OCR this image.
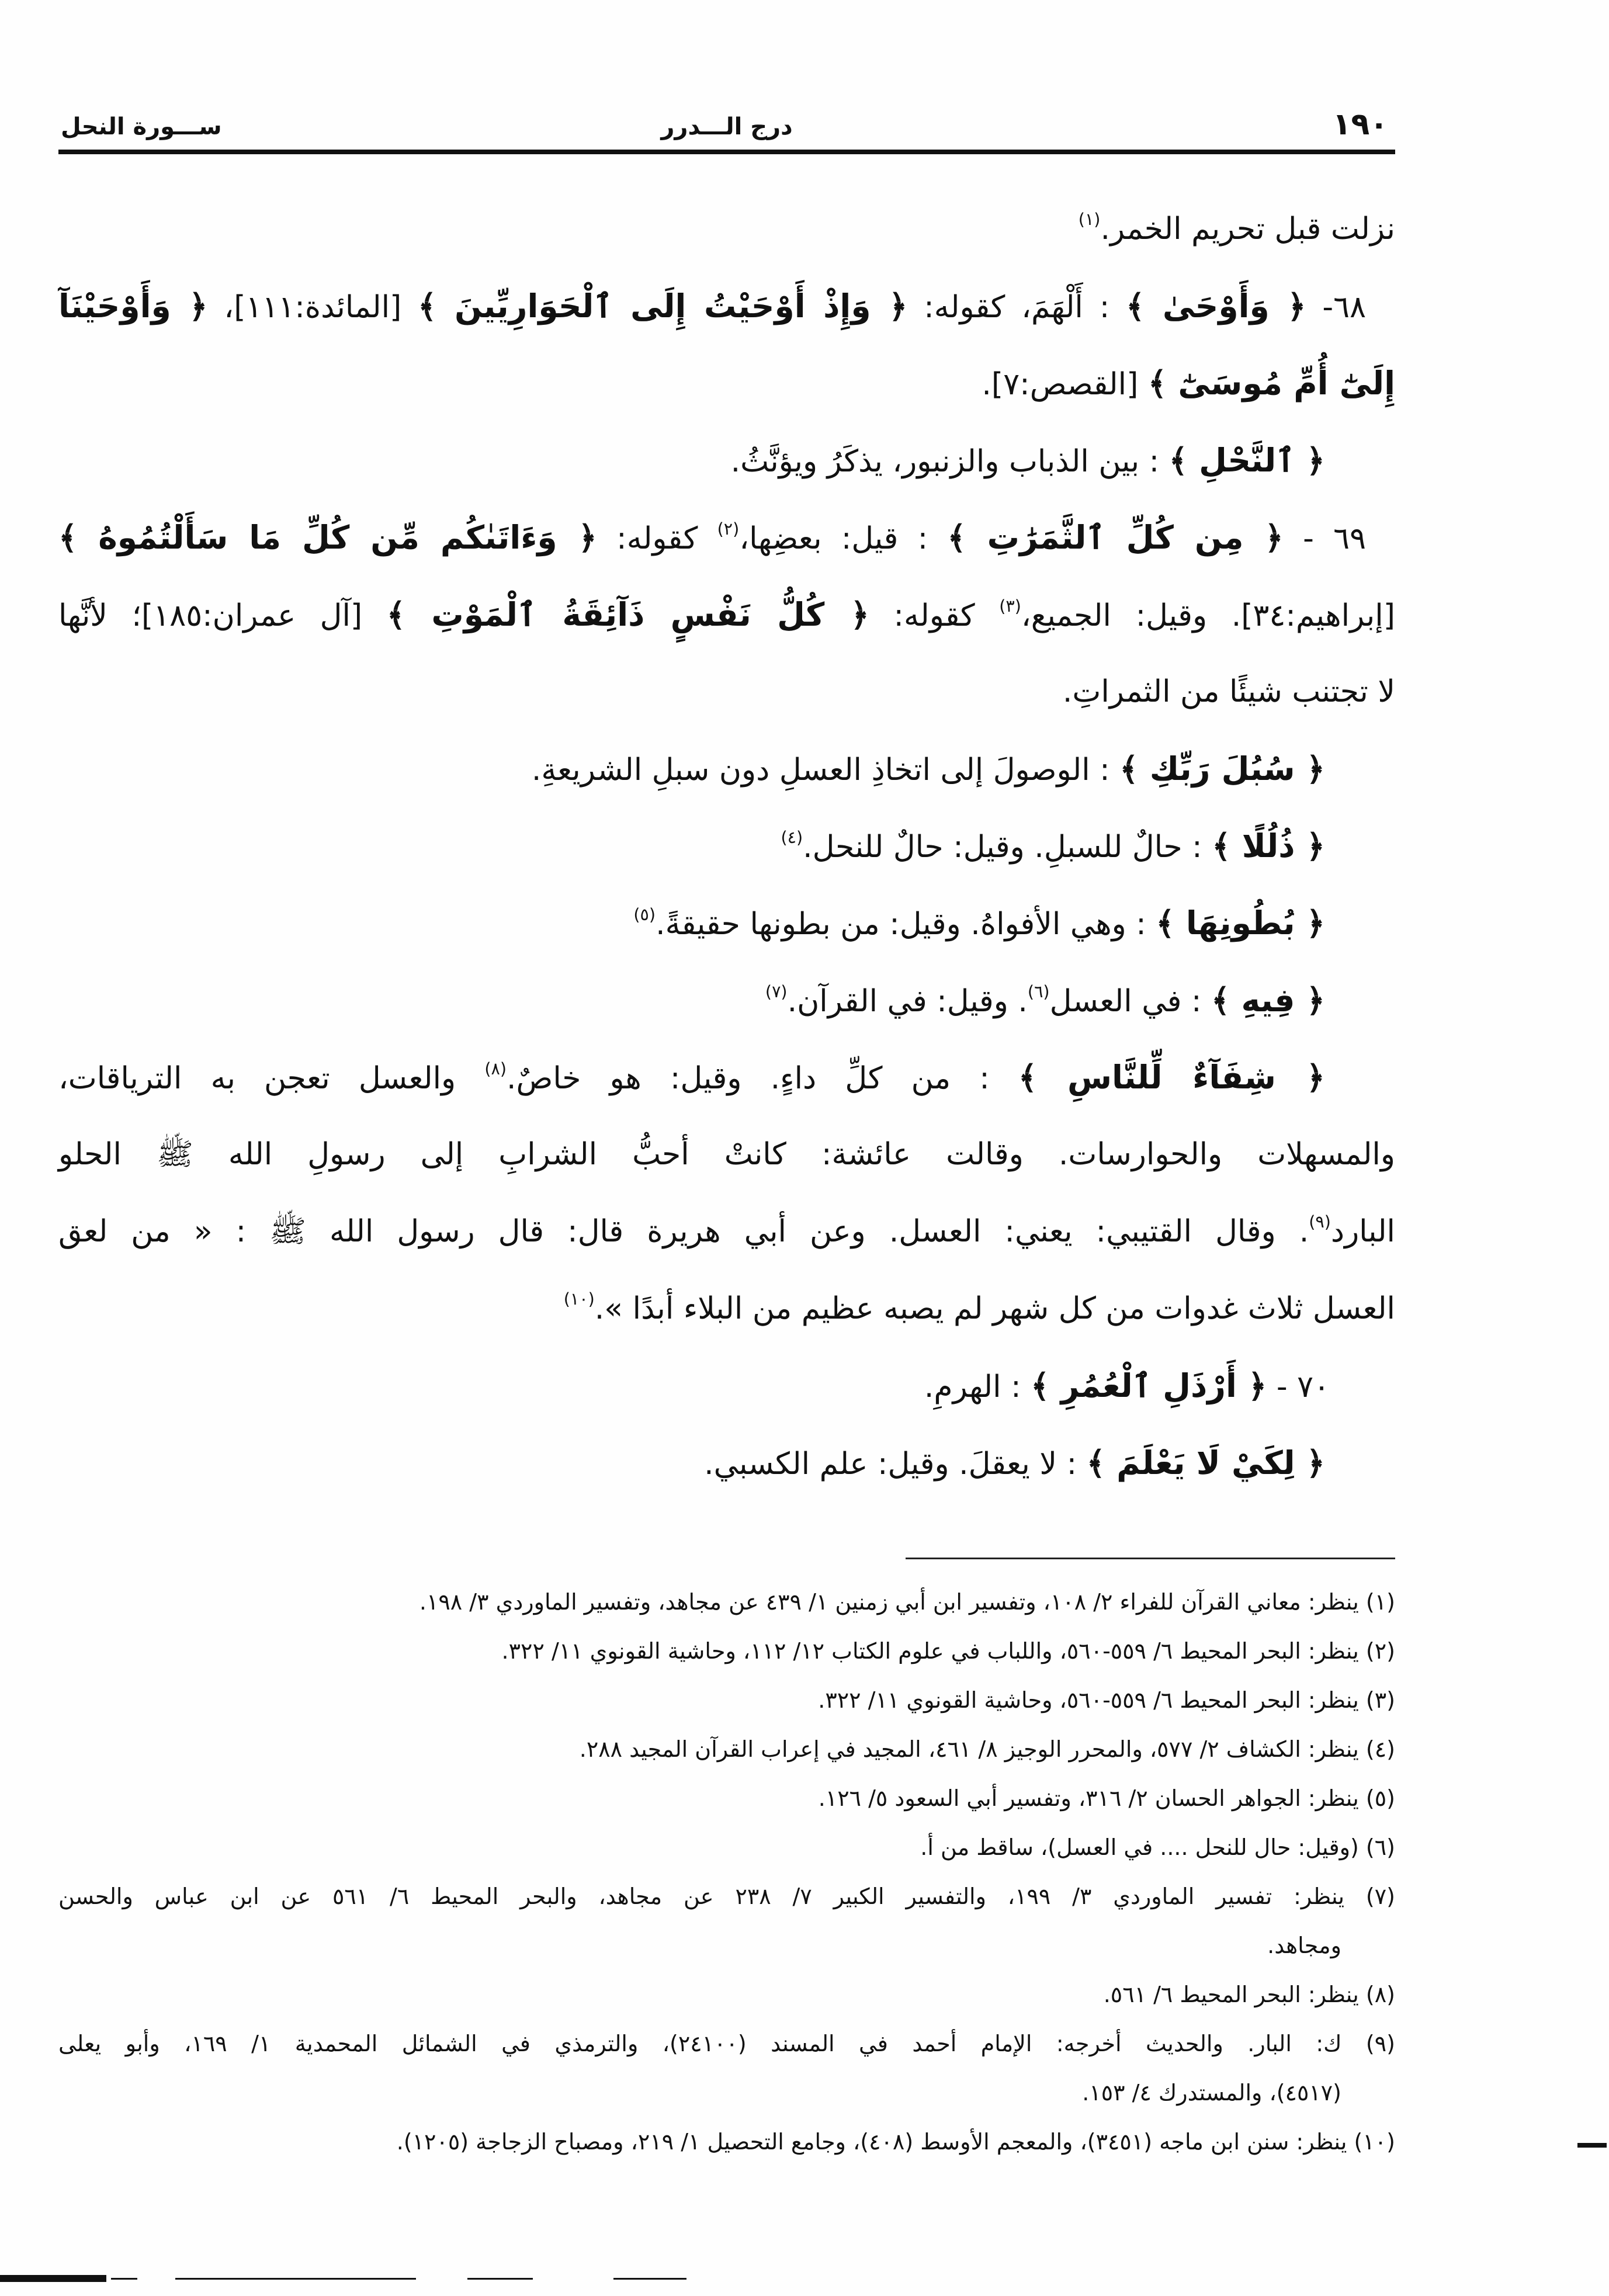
١٩٠
درج الـــدرر
ســـورة النحل
نزلت قبل تحريم الخمر.$^{(١)}$
٦٨- ﴿ وَأَوْحَىٰ ﴾ : أَلْهَمَ، كقوله: ﴿ وَإِذْ أَوْحَيْتُ إِلَى ٱلْحَوَارِيِّينَ ﴾ [المائدة:١١١]، ﴿ وَأَوْحَيْنَآ
إِلَىٰٓ أُمِّ مُوسَىٰٓ ﴾ [القصص:٧].
﴿ ٱلنَّحْلِ ﴾ : بين الذباب والزنبور، يذكَرُ ويؤنَّثُ.
٦٩ - ﴿ مِن كُلِّ ٱلثَّمَرَٰتِ ﴾ : قيل: بعضِها،$^{(٢)}$ كقوله: ﴿ وَءَاتَىٰكُم مِّن كُلِّ مَا سَأَلْتُمُوهُ ﴾
[إبراهيم:٣٤]. وقيل: الجميع،$^{(٣)}$ كقوله: ﴿ كُلُّ نَفْسٍ ذَآئِقَةُ ٱلْمَوْتِ ﴾ [آل عمران:١٨٥]؛ لأنَّها
لا تجتنب شيئًا من الثمراتِ.
﴿ سُبُلَ رَبِّكِ ﴾ : الوصولَ إلى اتخاذِ العسلِ دون سبلِ الشريعةِ.
﴿ ذُلُلًا ﴾ : حالٌ للسبلِ. وقيل: حالٌ للنحل.$^{(٤)}$
﴿ بُطُونِهَا ﴾ : وهي الأفواهُ. وقيل: من بطونها حقيقةً.$^{(٥)}$
﴿ فِيهِ ﴾ : في العسل$^{(٦)}$. وقيل: في القرآن.$^{(٧)}$
﴿ شِفَآءٌ لِّلنَّاسِ ﴾ : من كلِّ داءٍ. وقيل: هو خاصٌ.$^{(٨)}$ والعسل تعجن به الترياقات،
والمسهلات والحوارسات. وقالت عائشة: كانتْ أحبُّ الشرابِ إلى رسولِ الله ﷺ الحلو
البارد$^{(٩)}$. وقال القتيبي: يعني: العسل. وعن أبي هريرة قال: قال رسول الله ﷺ : « من لعق
العسل ثلاث غدوات من كل شهر لم يصبه عظيم من البلاء أبدًا ».$^{(١٠)}$
٧٠ - ﴿ أَرْذَلِ ٱلْعُمُرِ ﴾ : الهرمِ.
﴿ لِكَيْ لَا يَعْلَمَ ﴾ : لا يعقلَ. وقيل: علم الكسبي.
(١) ينظر: معاني القرآن للفراء ٢/ ١٠٨، وتفسير ابن أبي زمنين ١/ ٤٣٩ عن مجاهد، وتفسير الماوردي ٣/ ١٩٨.
(٢) ينظر: البحر المحيط ٦/ ٥٥٩-٥٦٠، واللباب في علوم الكتاب ١٢/ ١١٢، وحاشية القونوي ١١/ ٣٢٢.
(٣) ينظر: البحر المحيط ٦/ ٥٥٩-٥٦٠، وحاشية القونوي ١١/ ٣٢٢.
(٤) ينظر: الكشاف ٢/ ٥٧٧، والمحرر الوجيز ٨/ ٤٦١، المجيد في إعراب القرآن المجيد ٢٨٨.
(٥) ينظر: الجواهر الحسان ٢/ ٣١٦، وتفسير أبي السعود ٥/ ١٢٦.
(٦) (وقيل: حال للنحل .... في العسل)، ساقط من أ.
(٧) ينظر: تفسير الماوردي ٣/ ١٩٩، والتفسير الكبير ٧/ ٢٣٨ عن مجاهد، والبحر المحيط ٦/ ٥٦١ عن ابن عباس والحسن
ومجاهد.
(٨) ينظر: البحر المحيط ٦/ ٥٦١.
(٩) ك: البار. والحديث أخرجه: الإمام أحمد في المسند (٢٤١٠٠)، والترمذي في الشمائل المحمدية ١/ ١٦٩، وأبو يعلى
(٤٥١٧)، والمستدرك ٤/ ١٥٣.
(١٠) ينظر: سنن ابن ماجه (٣٤٥١)، والمعجم الأوسط (٤٠٨)، وجامع التحصيل ١/ ٢١٩، ومصباح الزجاجة (١٢٠٥).
